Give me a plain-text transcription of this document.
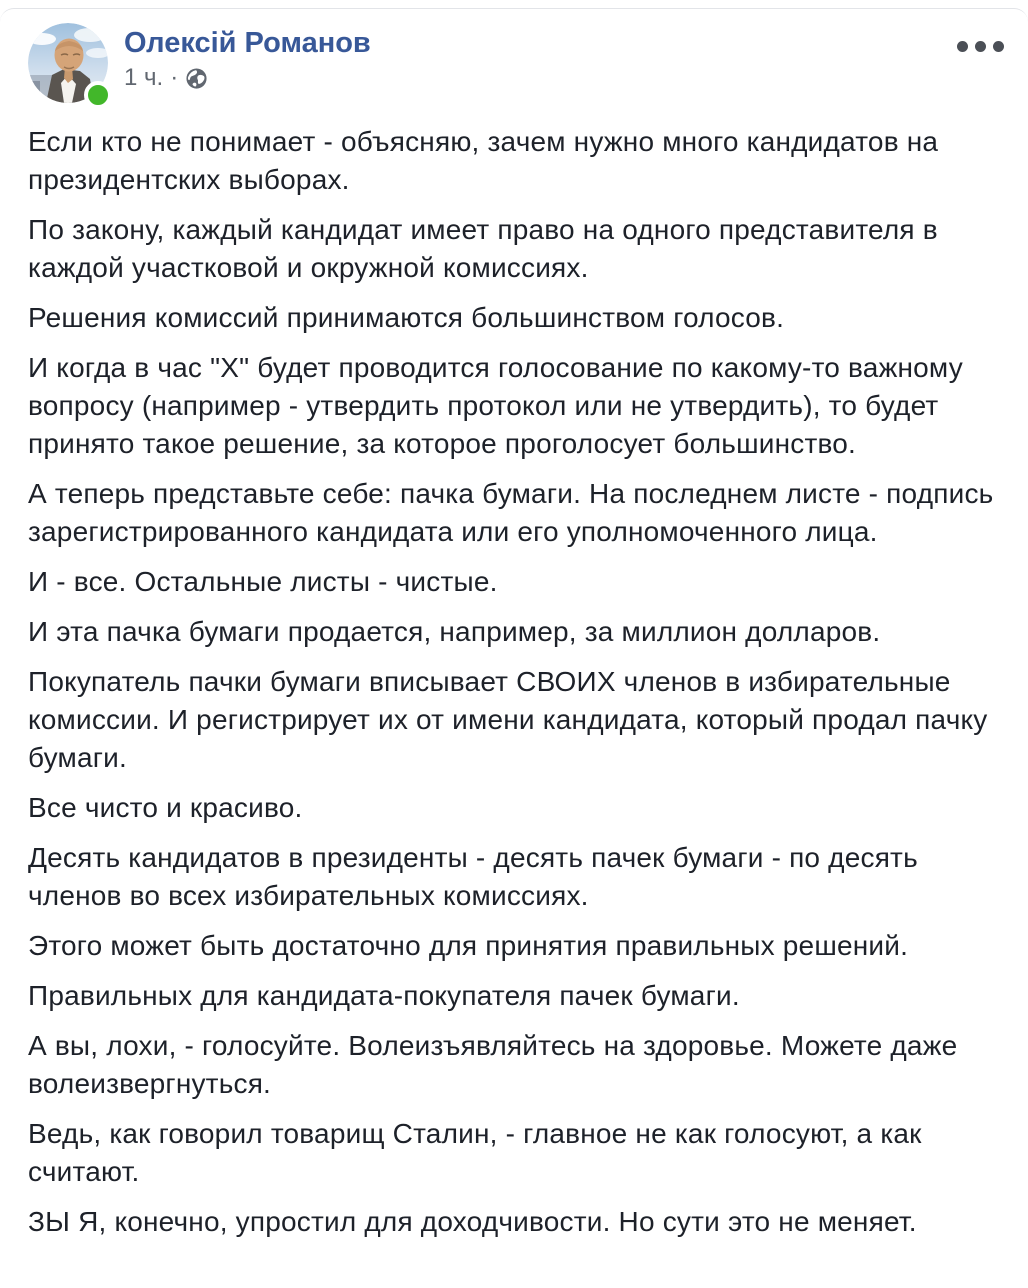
Олексій Романов
1 ч. ·

Если кто не понимает - объясняю, зачем нужно много кандидатов на президентских выборах.

По закону, каждый кандидат имеет право на одного представителя в каждой участковой и окружной комиссиях.

Решения комиссий принимаются большинством голосов.

И когда в час "Х" будет проводится голосование по какому-то важному вопросу (например - утвердить протокол или не утвердить), то будет принято такое решение, за которое проголосует большинство.

А теперь представьте себе: пачка бумаги. На последнем листе - подпись зарегистрированного кандидата или его уполномоченного лица.

И - все. Остальные листы - чистые.

И эта пачка бумаги продается, например, за миллион долларов.

Покупатель пачки бумаги вписывает СВОИХ членов в избирательные комиссии. И регистрирует их от имени кандидата, который продал пачку бумаги.

Все чисто и красиво.

Десять кандидатов в президенты - десять пачек бумаги - по десять членов во всех избирательных комиссиях.

Этого может быть достаточно для принятия правильных решений.

Правильных для кандидата-покупателя пачек бумаги.

А вы, лохи, - голосуйте. Волеизъявляйтесь на здоровье. Можете даже волеизвергнуться.

Ведь, как говорил товарищ Сталин, - главное не как голосуют, а как считают.

ЗЫ Я, конечно, упростил для доходчивости. Но сути это не меняет.
